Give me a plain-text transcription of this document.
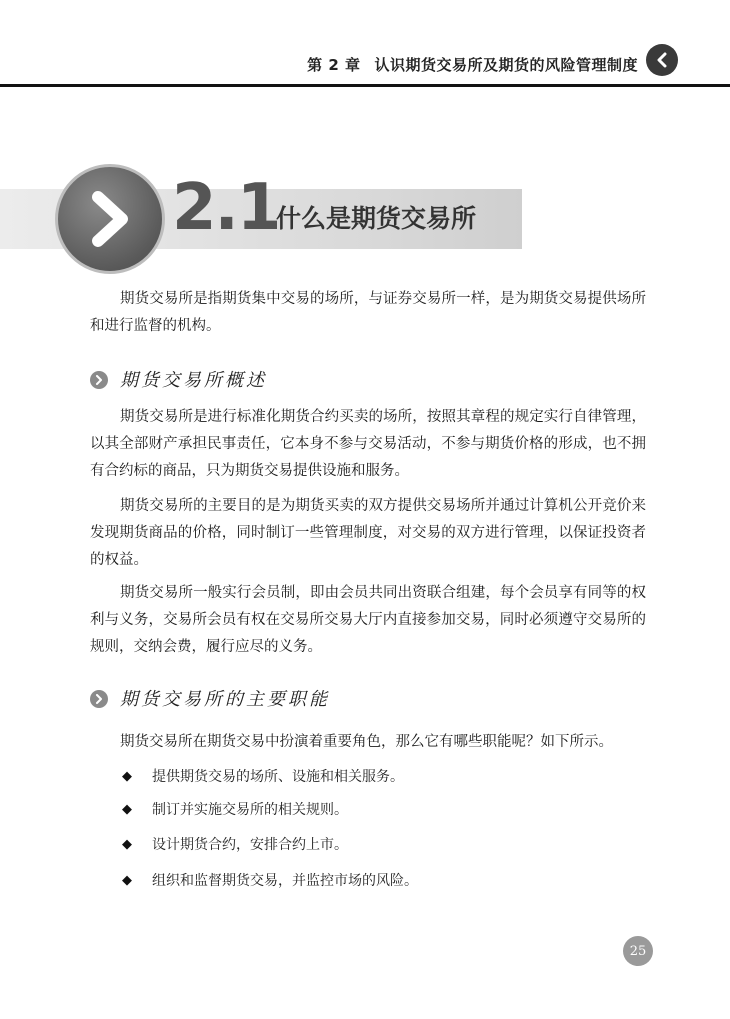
第 2 章 认识期货交易所及期货的风险管理制度
2.1
什么是期货交易所

期货交易所是指期货集中交易的场所，与证券交易所一样，是为期货交易提供场所和进行监督的机构。

期货交易所概述

期货交易所是进行标准化期货合约买卖的场所，按照其章程的规定实行自律管理，以其全部财产承担民事责任，它本身不参与交易活动，不参与期货价格的形成，也不拥有合约标的商品，只为期货交易提供设施和服务。

期货交易所的主要目的是为期货买卖的双方提供交易场所并通过计算机公开竞价来发现期货商品的价格，同时制订一些管理制度，对交易的双方进行管理，以保证投资者的权益。

期货交易所一般实行会员制，即由会员共同出资联合组建，每个会员享有同等的权利与义务，交易所会员有权在交易所交易大厅内直接参加交易，同时必须遵守交易所的规则，交纳会费，履行应尽的义务。

期货交易所的主要职能

期货交易所在期货交易中扮演着重要角色，那么它有哪些职能呢？如下所示。

◆	提供期货交易的场所、设施和相关服务。
◆	制订并实施交易所的相关规则。
◆	设计期货合约，安排合约上市。
◆	组织和监督期货交易，并监控市场的风险。
25
